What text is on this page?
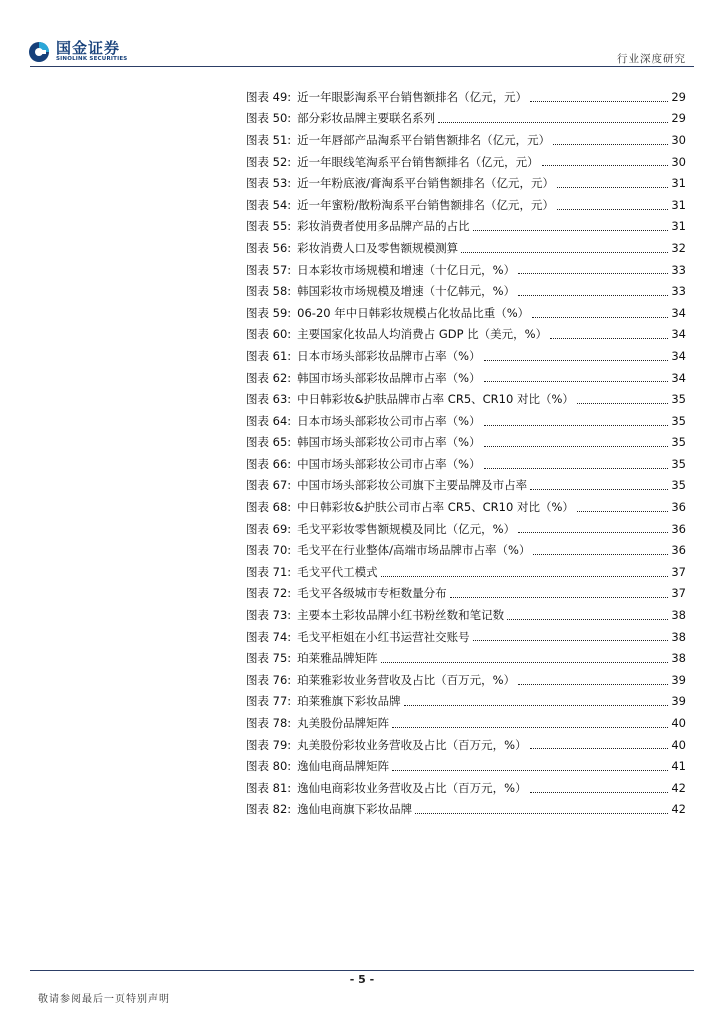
国金证券
SINOLINK SECURITIES	行业深度研究
图表 49: 近一年眼影淘系平台销售额排名（亿元，元）	29
图表 50: 部分彩妆品牌主要联名系列	29
图表 51: 近一年唇部产品淘系平台销售额排名（亿元，元）	30
图表 52: 近一年眼线笔淘系平台销售额排名（亿元，元）	30
图表 53: 近一年粉底液/膏淘系平台销售额排名（亿元，元）	31
图表 54: 近一年蜜粉/散粉淘系平台销售额排名（亿元，元）	31
图表 55: 彩妆消费者使用多品牌产品的占比	31
图表 56: 彩妆消费人口及零售额规模测算	32
图表 57: 日本彩妆市场规模和增速（十亿日元，%）	33
图表 58: 韩国彩妆市场规模及增速（十亿韩元，%）	33
图表 59: 06-20 年中日韩彩妆规模占化妆品比重（%）	34
图表 60: 主要国家化妆品人均消费占 GDP 比（美元，%）	34
图表 61: 日本市场头部彩妆品牌市占率（%）	34
图表 62: 韩国市场头部彩妆品牌市占率（%）	34
图表 63: 中日韩彩妆&护肤品牌市占率 CR5、CR10 对比（%）	35
图表 64: 日本市场头部彩妆公司市占率（%）	35
图表 65: 韩国市场头部彩妆公司市占率（%）	35
图表 66: 中国市场头部彩妆公司市占率（%）	35
图表 67: 中国市场头部彩妆公司旗下主要品牌及市占率	35
图表 68: 中日韩彩妆&护肤公司市占率 CR5、CR10 对比（%）	36
图表 69: 毛戈平彩妆零售额规模及同比（亿元，%）	36
图表 70: 毛戈平在行业整体/高端市场品牌市占率（%）	36
图表 71: 毛戈平代工模式	37
图表 72: 毛戈平各级城市专柜数量分布	37
图表 73: 主要本土彩妆品牌小红书粉丝数和笔记数	38
图表 74: 毛戈平柜姐在小红书运营社交账号	38
图表 75: 珀莱雅品牌矩阵	38
图表 76: 珀莱雅彩妆业务营收及占比（百万元，%）	39
图表 77: 珀莱雅旗下彩妆品牌	39
图表 78: 丸美股份品牌矩阵	40
图表 79: 丸美股份彩妆业务营收及占比（百万元，%）	40
图表 80: 逸仙电商品牌矩阵	41
图表 81: 逸仙电商彩妆业务营收及占比（百万元，%）	42
图表 82: 逸仙电商旗下彩妆品牌	42
- 5 -
敬请参阅最后一页特别声明
